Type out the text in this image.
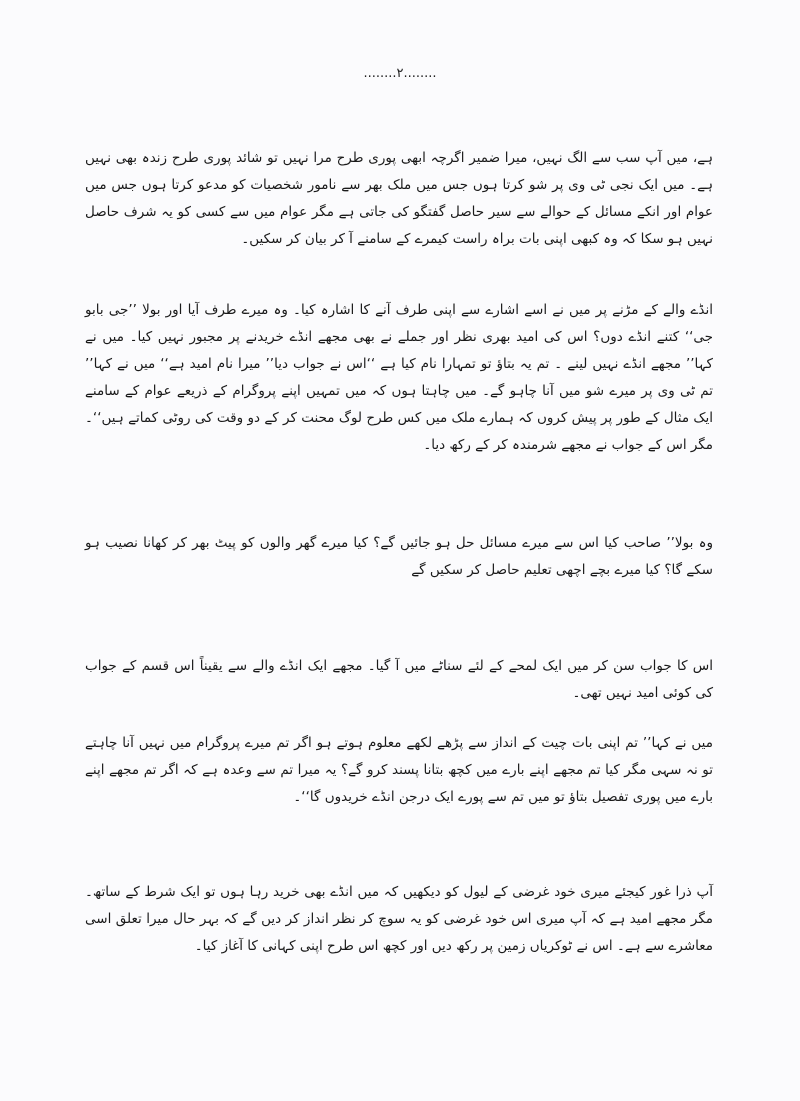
........٢........

ہے، میں آپ سب سے الگ نہیں، میرا ضمیر اگرچہ ابھی پوری طرح مرا نہیں تو شائد پوری طرح زندہ بھی نہیں ہے۔ میں ایک نجی ٹی وی پر شو کرتا ہوں جس میں ملک بھر سے نامور شخصیات کو مدعو کرتا ہوں جس میں عوام اور انکے مسائل کے حوالے سے سیر حاصل گفتگو کی جاتی ہے مگر عوام میں سے کسی کو یہ شرف حاصل نہیں ہو سکا کہ وہ کبھی اپنی بات براہ راست کیمرے کے سامنے آ کر بیان کر سکیں۔

انڈے والے کے مڑنے پر میں نے اسے اشارے سے اپنی طرف آنے کا اشارہ کیا۔ وہ میرے طرف آیا اور بولا ’’جی بابو جی‘‘ کتنے انڈے دوں؟ اس کی امید بھری نظر اور جملے نے بھی مجھے انڈے خریدنے پر مجبور نہیں کیا۔ میں نے کہا’’ مجھے انڈے نہیں لینے ۔ تم یہ بتاؤ تو تمہارا نام کیا ہے ‘‘اس نے جواب دیا’’ میرا نام امید ہے‘‘ میں نے کہا’’ تم ٹی وی پر میرے شو میں آنا چاہو گے۔ میں چاہتا ہوں کہ میں تمہیں اپنے پروگرام کے ذریعے عوام کے سامنے ایک مثال کے طور پر پیش کروں کہ ہمارے ملک میں کس طرح لوگ محنت کر کے دو وقت کی روٹی کماتے ہیں‘‘۔ مگر اس کے جواب نے مجھے شرمندہ کر کے رکھ دیا۔

وہ بولا’’ صاحب کیا اس سے میرے مسائل حل ہو جائیں گے؟ کیا میرے گھر والوں کو پیٹ بھر کر کھانا نصیب ہو سکے گا؟ کیا میرے بچے اچھی تعلیم حاصل کر سکیں گے

اس کا جواب سن کر میں ایک لمحے کے لئے سناٹے میں آ گیا۔ مجھے ایک انڈے والے سے یقیناً اس قسم کے جواب کی کوئی امید نہیں تھی۔

میں نے کہا’’ تم اپنی بات چیت کے انداز سے پڑھے لکھے معلوم ہوتے ہو اگر تم میرے پروگرام میں نہیں آنا چاہتے تو نہ سہی مگر کیا تم مجھے اپنے بارے میں کچھ بتانا پسند کرو گے؟ یہ میرا تم سے وعدہ ہے کہ اگر تم مجھے اپنے بارے میں پوری تفصیل بتاؤ تو میں تم سے پورے ایک درجن انڈے خریدوں گا‘‘۔

آپ ذرا غور کیجئے میری خود غرضی کے لیول کو دیکھیں کہ میں انڈے بھی خرید رہا ہوں تو ایک شرط کے ساتھ۔ مگر مجھے امید ہے کہ آپ میری اس خود غرضی کو یہ سوچ کر نظر انداز کر دیں گے کہ بہر حال میرا تعلق اسی معاشرے سے ہے۔ اس نے ٹوکریاں زمین پر رکھ دیں اور کچھ اس طرح اپنی کہانی کا آغاز کیا۔
